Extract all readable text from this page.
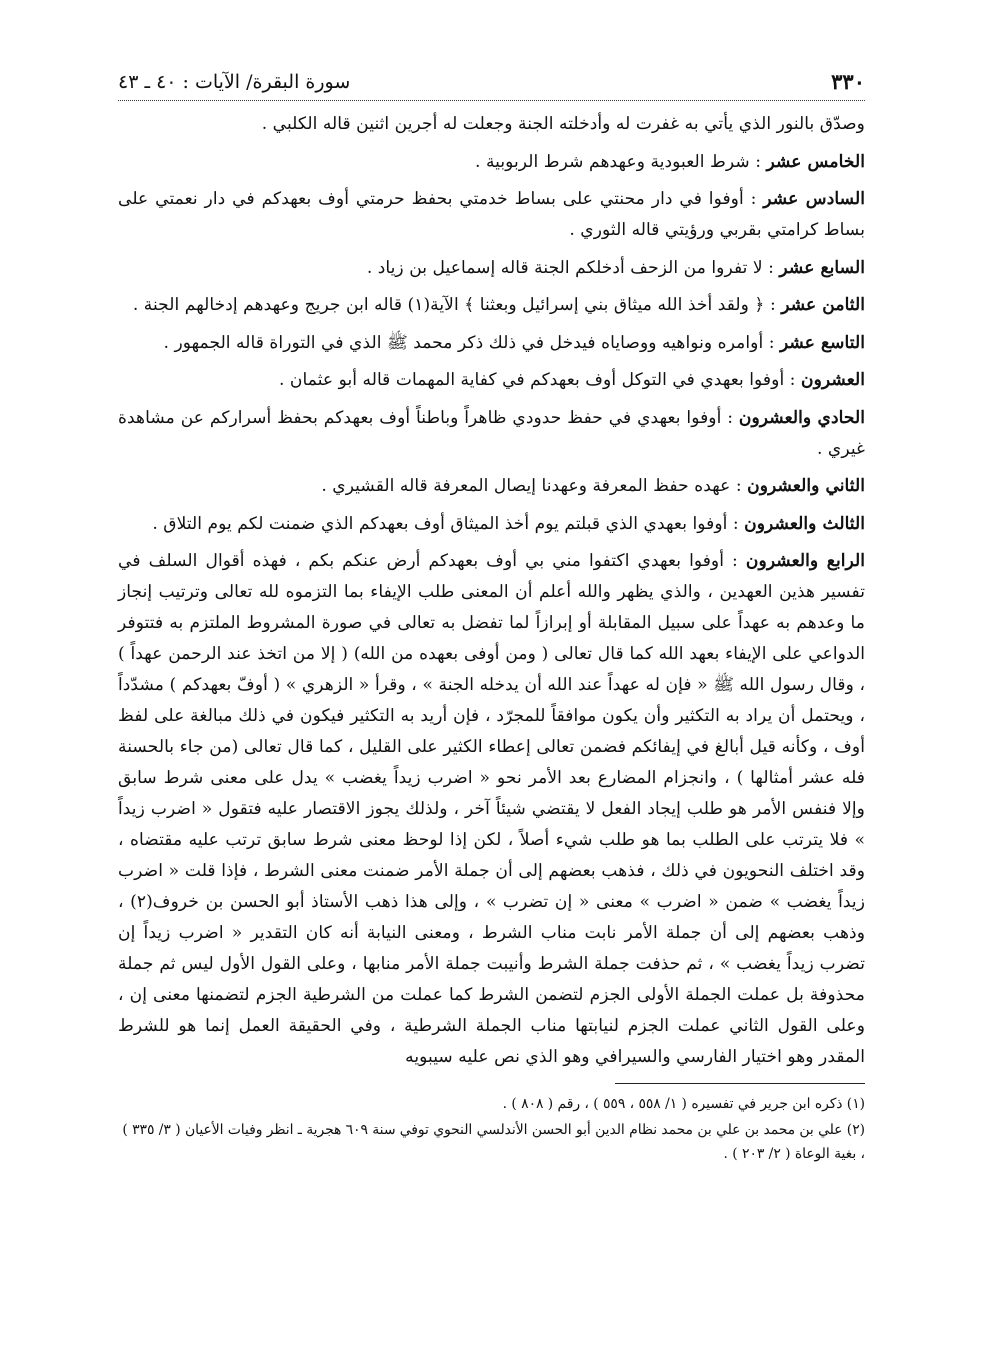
٣٣٠
سورة البقرة/ الآيات : ٤٠ ـ ٤٣

وصدّق بالنور الذي يأتي به غفرت له وأدخلته الجنة وجعلت له أجرين اثنين قاله الكلبي .

الخامس عشر : شرط العبودية وعهدهم شرط الربوبية .

السادس عشر : أوفوا في دار محنتي على بساط خدمتي بحفظ حرمتي أوف بعهدكم في دار نعمتي على بساط كرامتي بقربي ورؤيتي قاله الثوري .

السابع عشر : لا تفروا من الزحف أدخلكم الجنة قاله إسماعيل بن زياد .

الثامن عشر : ﴿ ولقد أخذ الله ميثاق بني إسرائيل وبعثنا ﴾ الآية(١) قاله ابن جريج وعهدهم إدخالهم الجنة .

التاسع عشر : أوامره ونواهيه ووصاياه فيدخل في ذلك ذكر محمد ﷺ الذي في التوراة قاله الجمهور .

العشرون : أوفوا بعهدي في التوكل أوف بعهدكم في كفاية المهمات قاله أبو عثمان .

الحادي والعشرون : أوفوا بعهدي في حفظ حدودي ظاهراً وباطناً أوف بعهدكم بحفظ أسراركم عن مشاهدة غيري .

الثاني والعشرون : عهده حفظ المعرفة وعهدنا إيصال المعرفة قاله القشيري .

الثالث والعشرون : أوفوا بعهدي الذي قبلتم يوم أخذ الميثاق أوف بعهدكم الذي ضمنت لكم يوم التلاق .

الرابع والعشرون : أوفوا بعهدي اكتفوا مني بي أوف بعهدكم أرض عنكم بكم ، فهذه أقوال السلف في تفسير هذين العهدين ، والذي يظهر والله أعلم أن المعنى طلب الإيفاء بما التزموه لله تعالى وترتيب إنجاز ما وعدهم به عهداً على سبيل المقابلة أو إبرازاً لما تفضل به تعالى في صورة المشروط الملتزم به فتتوفر الدواعي على الإيفاء بعهد الله كما قال تعالى ( ومن أوفى بعهده من الله) ( إلا من اتخذ عند الرحمن عهداً ) ، وقال رسول الله ﷺ « فإن له عهداً عند الله أن يدخله الجنة » ، وقرأ « الزهري » ( أوفّ بعهدكم ) مشدّداً ، ويحتمل أن يراد به التكثير وأن يكون موافقاً للمجرّد ، فإن أريد به التكثير فيكون في ذلك مبالغة على لفظ أوف ، وكأنه قيل أبالغ في إيفائكم فضمن تعالى إعطاء الكثير على القليل ، كما قال تعالى (من جاء بالحسنة فله عشر أمثالها ) ، وانجزام المضارع بعد الأمر نحو « اضرب زيداً يغضب » يدل على معنى شرط سابق وإلا فنفس الأمر هو طلب إيجاد الفعل لا يقتضي شيئاً آخر ، ولذلك يجوز الاقتصار عليه فتقول « اضرب زيداً » فلا يترتب على الطلب بما هو طلب شيء أصلاً ، لكن إذا لوحظ معنى شرط سابق ترتب عليه مقتضاه ، وقد اختلف النحويون في ذلك ، فذهب بعضهم إلى أن جملة الأمر ضمنت معنى الشرط ، فإذا قلت « اضرب زيداً يغضب » ضمن « اضرب » معنى « إن تضرب » ، وإلى هذا ذهب الأستاذ أبو الحسن بن خروف(٢) ، وذهب بعضهم إلى أن جملة الأمر نابت مناب الشرط ، ومعنى النيابة أنه كان التقدير « اضرب زيداً إن تضرب زيداً يغضب » ، ثم حذفت جملة الشرط وأنيبت جملة الأمر منابها ، وعلى القول الأول ليس ثم جملة محذوفة بل عملت الجملة الأولى الجزم لتضمن الشرط كما عملت من الشرطية الجزم لتضمنها معنى إن ، وعلى القول الثاني عملت الجزم لنيابتها مناب الجملة الشرطية ، وفي الحقيقة العمل إنما هو للشرط المقدر وهو اختيار الفارسي والسيرافي وهو الذي نص عليه سيبويه

(١) ذكره ابن جرير في تفسيره ( ١/ ٥٥٨ ، ٥٥٩ ) ، رقم ( ٨٠٨ ) .

(٢) علي بن محمد بن علي بن محمد نظام الدين أبو الحسن الأندلسي النحوي توفي سنة ٦٠٩ هجرية ـ انظر وفيات الأعيان ( ٣/ ٣٣٥ ) ، بغية الوعاة ( ٢/ ٢٠٣ ) .
